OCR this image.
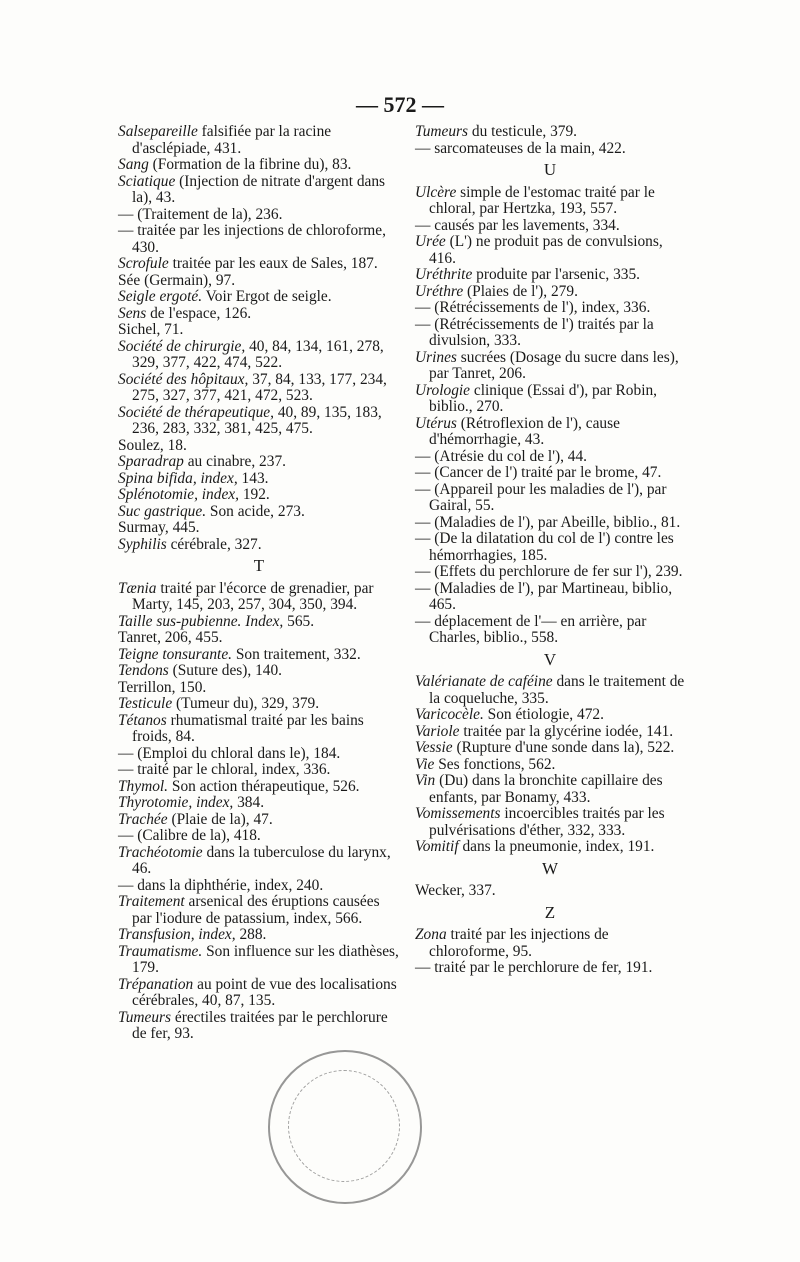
— 572 —

Salsepareille falsifiée par la racine d'asclépiade, 431.

Sang (Formation de la fibrine du), 83.

Sciatique (Injection de nitrate d'argent dans la), 43.

— (Traitement de la), 236.

— traitée par les injections de chloroforme, 430.

Scrofule traitée par les eaux de Sales, 187.

Sée (Germain), 97.

Seigle ergoté. Voir Ergot de seigle.

Sens de l'espace, 126.

Sichel, 71.

Société de chirurgie, 40, 84, 134, 161, 278, 329, 377, 422, 474, 522.

Société des hôpitaux, 37, 84, 133, 177, 234, 275, 327, 377, 421, 472, 523.

Société de thérapeutique, 40, 89, 135, 183, 236, 283, 332, 381, 425, 475.

Soulez, 18.

Sparadrap au cinabre, 237.

Spina bifida, index, 143.

Splénotomie, index, 192.

Suc gastrique. Son acide, 273.

Surmay, 445.

Syphilis cérébrale, 327.

T

Tænia traité par l'écorce de grenadier, par Marty, 145, 203, 257, 304, 350, 394.

Taille sus-pubienne. Index, 565.

Tanret, 206, 455.

Teigne tonsurante. Son traitement, 332.

Tendons (Suture des), 140.

Terrillon, 150.

Testicule (Tumeur du), 329, 379.

Tétanos rhumatismal traité par les bains froids, 84.

— (Emploi du chloral dans le), 184.

— traité par le chloral, index, 336.

Thymol. Son action thérapeutique, 526.

Thyrotomie, index, 384.

Trachée (Plaie de la), 47.

— (Calibre de la), 418.

Trachéotomie dans la tuberculose du larynx, 46.

— dans la diphthérie, index, 240.

Traitement arsenical des éruptions causées par l'iodure de patassium, index, 566.

Transfusion, index, 288.

Traumatisme. Son influence sur les diathèses, 179.

Trépanation au point de vue des localisations cérébrales, 40, 87, 135.

Tumeurs érectiles traitées par le perchlorure de fer, 93.

Tumeurs du testicule, 379.

— sarcomateuses de la main, 422.

U

Ulcère simple de l'estomac traité par le chloral, par Hertzka, 193, 557.

— causés par les lavements, 334.

Urée (L') ne produit pas de convulsions, 416.

Uréthrite produite par l'arsenic, 335.

Uréthre (Plaies de l'), 279.

— (Rétrécissements de l'), index, 336.

— (Rétrécissements de l') traités par la divulsion, 333.

Urines sucrées (Dosage du sucre dans les), par Tanret, 206.

Urologie clinique (Essai d'), par Robin, biblio., 270.

Utérus (Rétroflexion de l'), cause d'hémorrhagie, 43.

— (Atrésie du col de l'), 44.

— (Cancer de l') traité par le brome, 47.

— (Appareil pour les maladies de l'), par Gairal, 55.

— (Maladies de l'), par Abeille, biblio., 81.

— (De la dilatation du col de l') contre les hémorrhagies, 185.

— (Effets du perchlorure de fer sur l'), 239.

— (Maladies de l'), par Martineau, biblio, 465.

— déplacement de l'— en arrière, par Charles, biblio., 558.

V

Valérianate de caféine dans le traitement de la coqueluche, 335.

Varicocèle. Son étiologie, 472.

Variole traitée par la glycérine iodée, 141.

Vessie (Rupture d'une sonde dans la), 522.

Vie Ses fonctions, 562.

Vin (Du) dans la bronchite capillaire des enfants, par Bonamy, 433.

Vomissements incoercibles traités par les pulvérisations d'éther, 332, 333.

Vomitif dans la pneumonie, index, 191.

W

Wecker, 337.

Z

Zona traité par les injections de chloroforme, 95.

— traité par le perchlorure de fer, 191.
